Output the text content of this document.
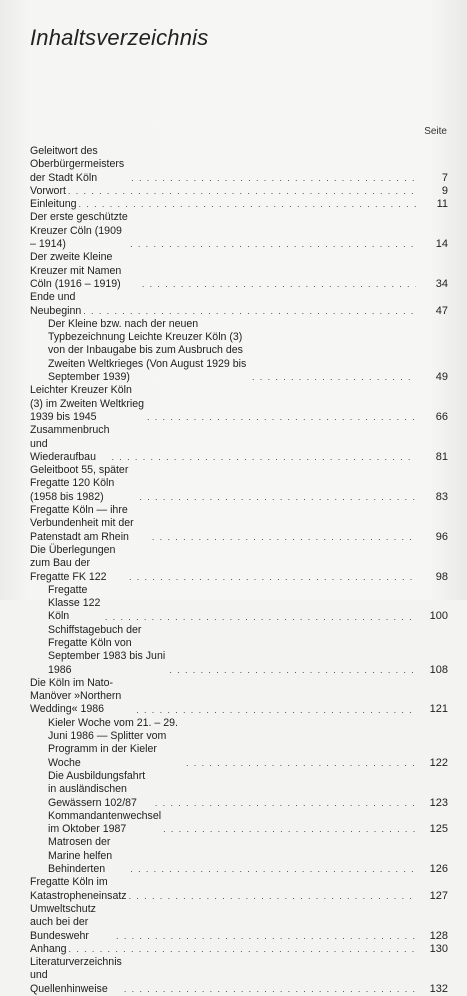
Inhaltsverzeichnis
Seite
Geleitwort des Oberbürgermeisters der Stadt Köln . . .	7
Vorwort . . .	9
Einleitung . . .	11
Der erste geschützte Kreuzer Cöln (1909 – 1914) . . .	14
Der zweite Kleine Kreuzer mit Namen Cöln (1916 – 1919) . . .	34
Ende und Neubeginn . . .	47
Der Kleine bzw. nach der neuen Typbezeichnung Leichte Kreuzer Köln (3) von der Inbaugabe bis zum Ausbruch des Zweiten Weltkrieges (Von August 1929 bis September 1939) . . .	49
Leichter Kreuzer Köln (3) im Zweiten Weltkrieg 1939 bis 1945 . . .	66
Zusammenbruch und Wiederaufbau . . .	81
Geleitboot 55, später Fregatte 120 Köln (1958 bis 1982) . . .	83
Fregatte Köln — ihre Verbundenheit mit der Patenstadt am Rhein . . .	96
Die Überlegungen zum Bau der Fregatte FK 122 . . .	98
Fregatte Klasse 122 Köln . . .	100
Schiffstagebuch der Fregatte Köln von September 1983 bis Juni 1986 . . .	108
Die Köln im Nato-Manöver »Northern Wedding« 1986 . . .	121
Kieler Woche vom 21. – 29. Juni 1986 — Splitter vom Programm in der Kieler Woche . . .	122
Die Ausbildungsfahrt in ausländischen Gewässern 102/87 . . .	123
Kommandantenwechsel im Oktober 1987 . . .	125
Matrosen der Marine helfen Behinderten . . .	126
Fregatte Köln im Katastropheneinsatz . . .	127
Umweltschutz auch bei der Bundeswehr . . .	128
Anhang . . .	130
Literaturverzeichnis und Quellenhinweise . . .	132
